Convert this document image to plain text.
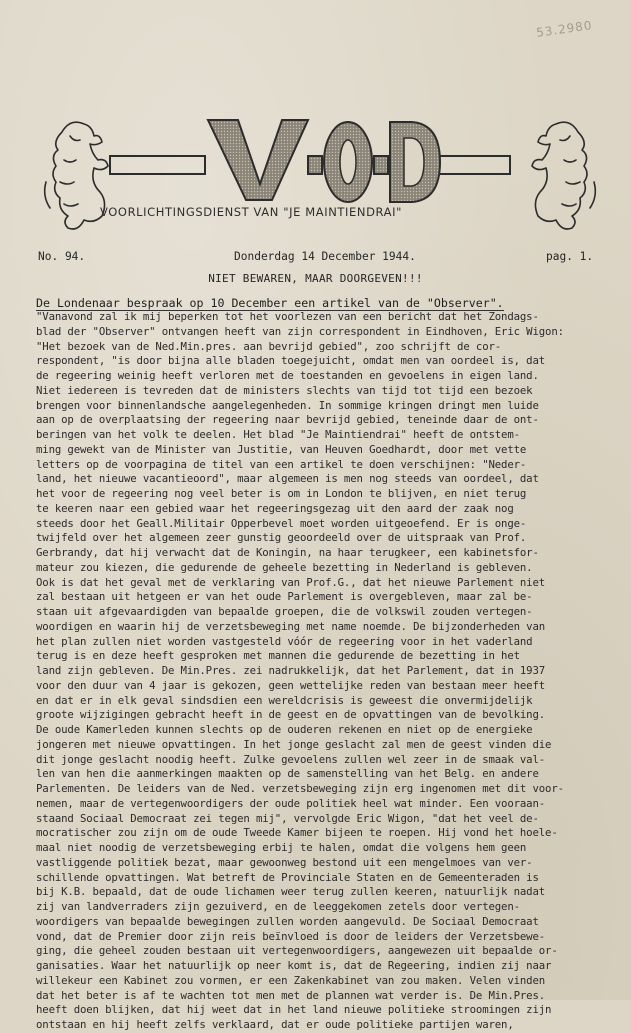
53.2980
VOORLICHTINGSDIENST VAN "JE MAINTIENDRAI"
No. 94.	Donderdag 14 December 1944.	pag. 1.
NIET BEWAREN, MAAR DOORGEVEN!!!
De Londenaar bespraak op 10 December een artikel van de "Observer".
"Vanavond zal ik mij beperken tot het voorlezen van een bericht dat het Zondags-
blad der "Observer" ontvangen heeft van zijn correspondent in Eindhoven, Eric Wigon:
"Het bezoek van de Ned.Min.pres. aan bevrijd gebied", zoo schrijft de cor-
respondent, "is door bijna alle bladen toegejuicht, omdat men van oordeel is, dat
de regeering weinig heeft verloren met de toestanden en gevoelens in eigen land.
Niet iedereen is tevreden dat de ministers slechts van tijd tot tijd een bezoek
brengen voor binnenlandsche aangelegenheden. In sommige kringen dringt men luide
aan op de overplaatsing der regeering naar bevrijd gebied, teneinde daar de ont-
beringen van het volk te deelen. Het blad "Je Maintiendrai" heeft de ontstem-
ming gewekt van de Minister van Justitie, van Heuven Goedhardt, door met vette
letters op de voorpagina de titel van een artikel te doen verschijnen: "Neder-
land, het nieuwe vacantieoord", maar algemeen is men nog steeds van oordeel, dat
het voor de regeering nog veel beter is om in London te blijven, en niet terug
te keeren naar een gebied waar het regeeringsgezag uit den aard der zaak nog
steeds door het Geall.Militair Opperbevel moet worden uitgeoefend. Er is onge-
twijfeld over het algemeen zeer gunstig geoordeeld over de uitspraak van Prof.
Gerbrandy, dat hij verwacht dat de Koningin, na haar terugkeer, een kabinetsfor-
mateur zou kiezen, die gedurende de geheele bezetting in Nederland is gebleven.
Ook is dat het geval met de verklaring van Prof.G., dat het nieuwe Parlement niet
zal bestaan uit hetgeen er van het oude Parlement is overgebleven, maar zal be-
staan uit afgevaardigden van bepaalde groepen, die de volkswil zouden vertegen-
woordigen en waarin hij de verzetsbeweging met name noemde. De bijzonderheden van
het plan zullen niet worden vastgesteld vóór de regeering voor in het vaderland
terug is en deze heeft gesproken met mannen die gedurende de bezetting in het
land zijn gebleven. De Min.Pres. zei nadrukkelijk, dat het Parlement, dat in 1937
voor den duur van 4 jaar is gekozen, geen wettelijke reden van bestaan meer heeft
en dat er in elk geval sindsdien een wereldcrisis is geweest die onvermijdelijk
groote wijzigingen gebracht heeft in de geest en de opvattingen van de bevolking.
De oude Kamerleden kunnen slechts op de ouderen rekenen en niet op de energieke
jongeren met nieuwe opvattingen. In het jonge geslacht zal men de geest vinden die
dit jonge geslacht noodig heeft. Zulke gevoelens zullen wel zeer in de smaak val-
len van hen die aanmerkingen maakten op de samenstelling van het Belg. en andere
Parlementen. De leiders van de Ned. verzetsbeweging zijn erg ingenomen met dit voor-
nemen, maar de vertegenwoordigers der oude politiek heel wat minder. Een vooraan-
staand Sociaal Democraat zei tegen mij", vervolgde Eric Wigon, "dat het veel de-
mocratischer zou zijn om de oude Tweede Kamer bijeen te roepen. Hij vond het hoele-
maal niet noodig de verzetsbeweging erbij te halen, omdat die volgens hem geen
vastliggende politiek bezat, maar gewoonweg bestond uit een mengelmoes van ver-
schillende opvattingen. Wat betreft de Provinciale Staten en de Gemeenteraden is
bij K.B. bepaald, dat de oude lichamen weer terug zullen keeren, natuurlijk nadat
zij van landverraders zijn gezuiverd, en de leeggekomen zetels door vertegen-
woordigers van bepaalde bewegingen zullen worden aangevuld. De Sociaal Democraat
vond, dat de Premier door zijn reis beïnvloed is door de leiders der Verzetsbewe-
ging, die geheel zouden bestaan uit vertegenwoordigers, aangewezen uit bepaalde or-
ganisaties. Waar het natuurlijk op neer komt is, dat de Regeering, indien zij naar
willekeur een Kabinet zou vormen, er een Zakenkabinet van zou maken. Velen vinden
dat het beter is af te wachten tot men met de plannen wat verder is. De Min.Pres.
heeft doen blijken, dat hij weet dat in het land nieuwe politieke stroomingen zijn
ontstaan en hij heeft zelfs verklaard, dat er oude politieke partijen waren,
